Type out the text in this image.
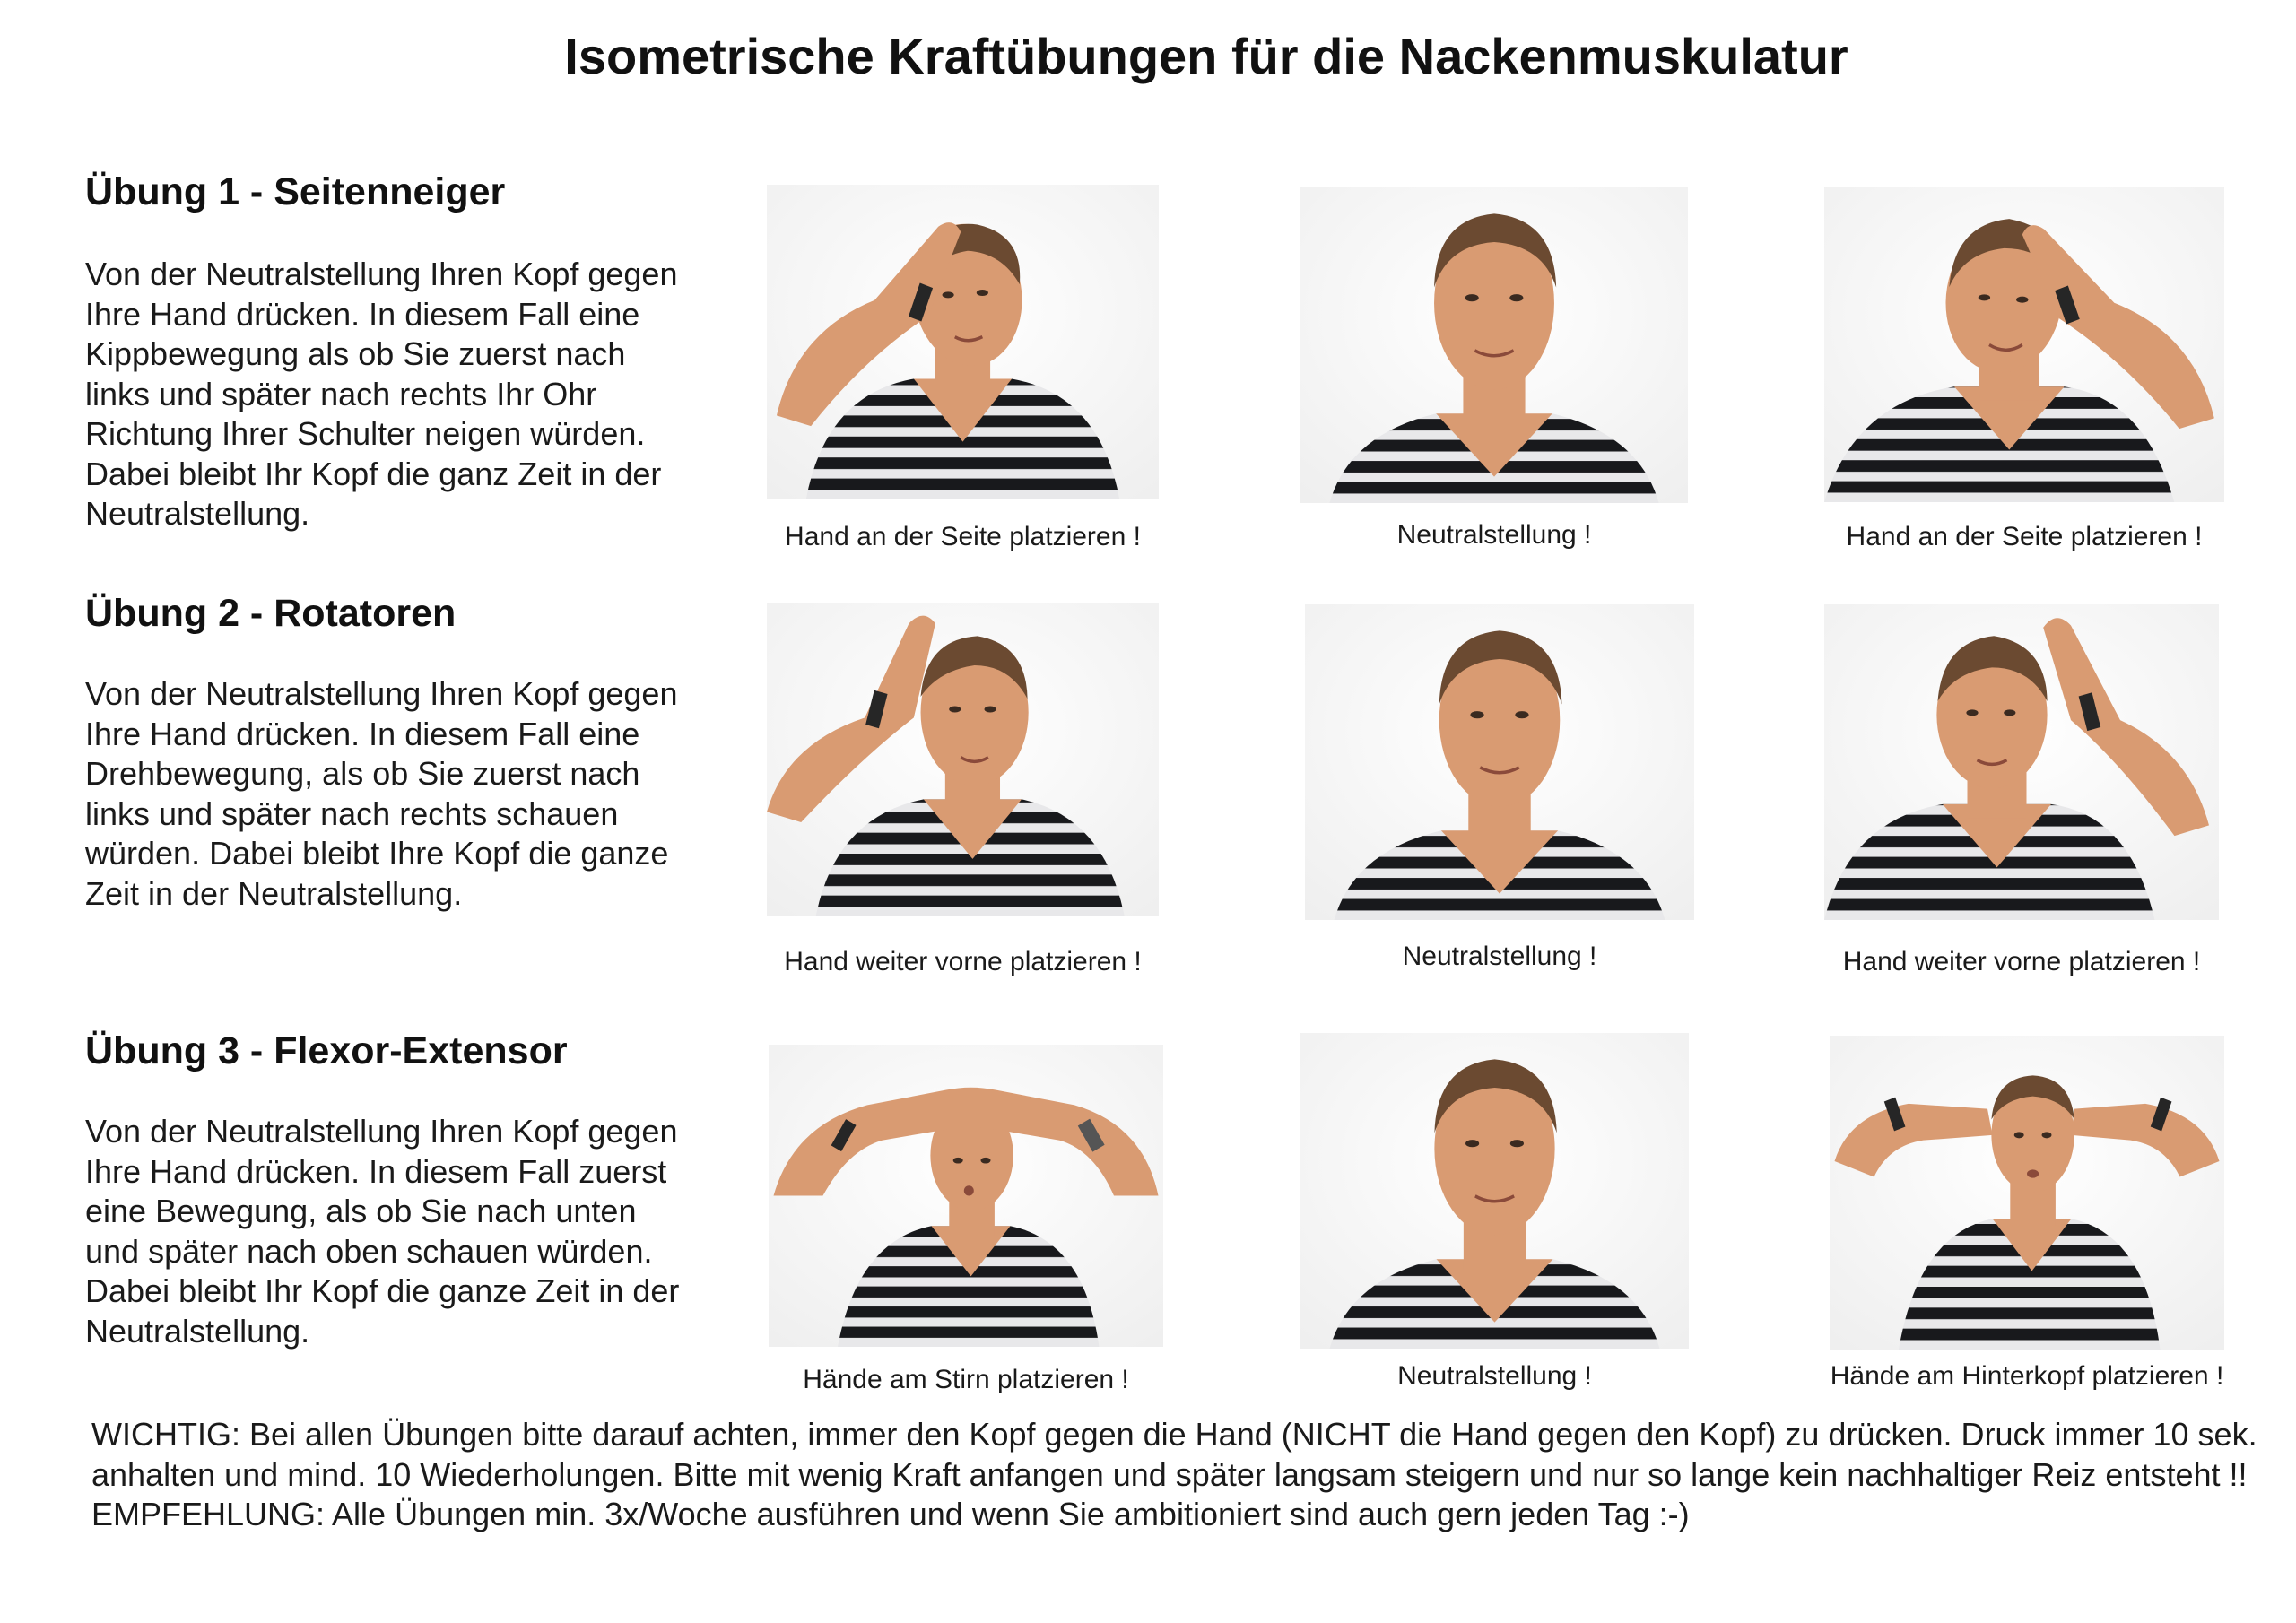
Isometrische Kraftübungen für die Nackenmuskulatur
Übung 1 - Seitenneiger
Von der Neutralstellung Ihren Kopf gegen Ihre Hand drücken. In diesem Fall eine Kippbewegung als ob Sie zuerst nach links und später nach rechts Ihr Ohr Richtung Ihrer Schulter neigen würden. Dabei bleibt Ihr Kopf die ganz Zeit in der Neutralstellung.
Übung 2 - Rotatoren
Von der Neutralstellung Ihren Kopf gegen Ihre Hand drücken. In diesem Fall eine Drehbewegung, als ob Sie zuerst nach links und später nach rechts schauen würden. Dabei bleibt Ihre Kopf die ganze Zeit in der Neutralstellung.
Übung 3 - Flexor-Extensor
Von der Neutralstellung Ihren Kopf gegen Ihre Hand drücken. In diesem Fall zuerst eine Bewegung, als ob Sie nach unten und später nach oben schauen würden. Dabei bleibt Ihr Kopf die ganze Zeit in der Neutralstellung.
Hand an der Seite platzieren !	Neutralstellung !	Hand an der Seite platzieren !
Hand weiter vorne platzieren !	Neutralstellung !	Hand weiter vorne platzieren !
Hände am Stirn platzieren !	Neutralstellung !	Hände am Hinterkopf platzieren !

WICHTIG: Bei allen Übungen bitte darauf achten, immer den Kopf gegen die Hand (NICHT die Hand gegen den Kopf) zu drücken. Druck immer 10 sek. anhalten und mind. 10 Wiederholungen. Bitte mit wenig Kraft anfangen und später langsam steigern und nur so lange kein nachhaltiger Reiz entsteht !!

EMPFEHLUNG: Alle Übungen min. 3x/Woche ausführen und wenn Sie ambitioniert sind auch gern jeden Tag :-)
